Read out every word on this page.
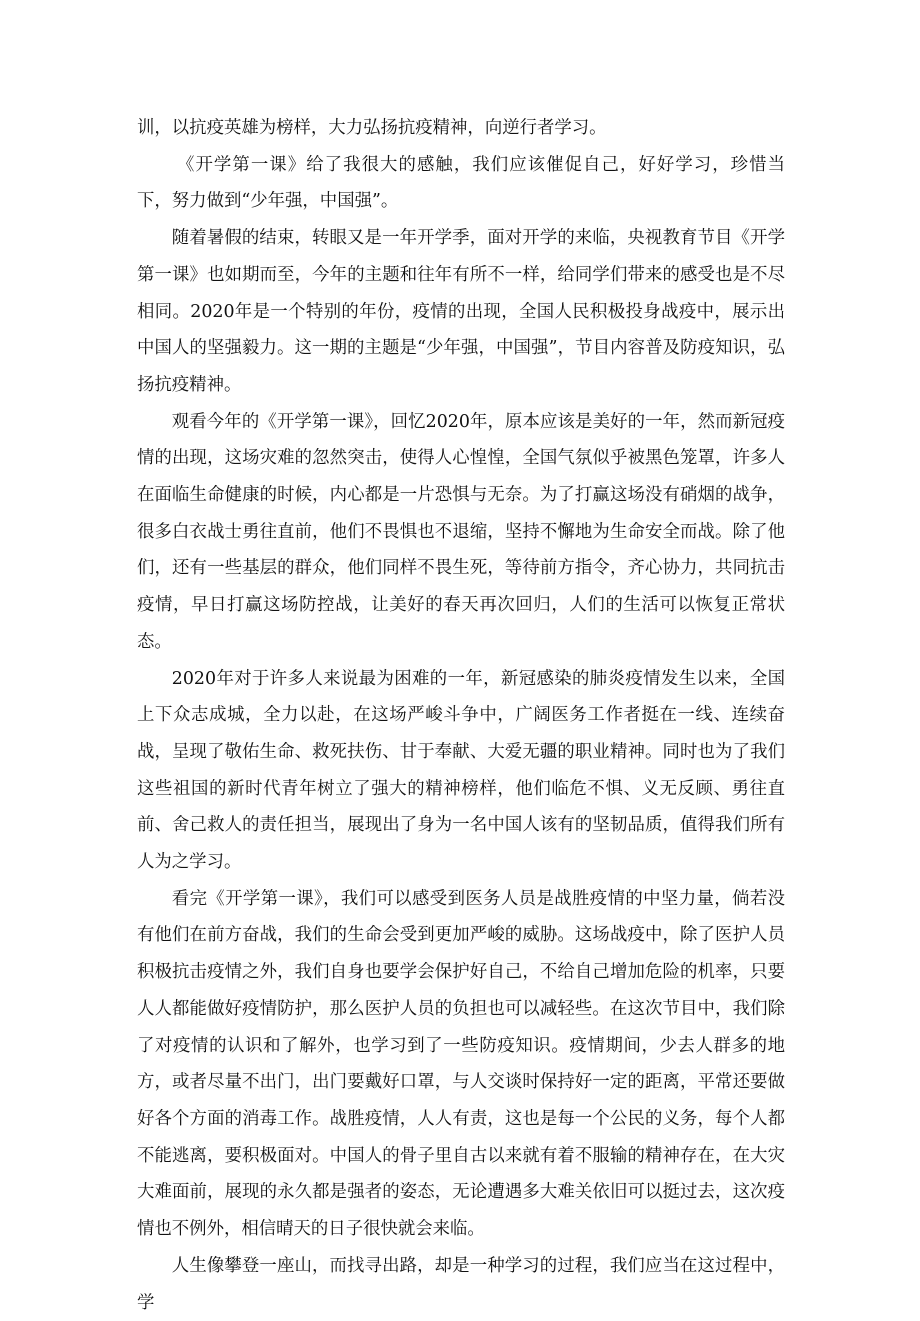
训，以抗疫英雄为榜样，大力弘扬抗疫精神，向逆行者学习。

《开学第一课》给了我很大的感触，我们应该催促自己，好好学习，珍惜当下，努力做到“少年强，中国强”。

随着暑假的结束，转眼又是一年开学季，面对开学的来临，央视教育节目《开学第一课》也如期而至，今年的主题和往年有所不一样，给同学们带来的感受也是不尽相同。2020年是一个特别的年份，疫情的出现，全国人民积极投身战疫中，展示出中国人的坚强毅力。这一期的主题是“少年强，中国强”，节目内容普及防疫知识，弘扬抗疫精神。

观看今年的《开学第一课》，回忆2020年，原本应该是美好的一年，然而新冠疫情的出现，这场灾难的忽然突击，使得人心惶惶，全国气氛似乎被黑色笼罩，许多人在面临生命健康的时候，内心都是一片恐惧与无奈。为了打赢这场没有硝烟的战争，很多白衣战士勇往直前，他们不畏惧也不退缩，坚持不懈地为生命安全而战。除了他们，还有一些基层的群众，他们同样不畏生死，等待前方指令，齐心协力，共同抗击疫情，早日打赢这场防控战，让美好的春天再次回归，人们的生活可以恢复正常状态。

2020年对于许多人来说最为困难的一年，新冠感染的肺炎疫情发生以来，全国上下众志成城，全力以赴，在这场严峻斗争中，广阔医务工作者挺在一线、连续奋战，呈现了敬佑生命、救死扶伤、甘于奉献、大爱无疆的职业精神。同时也为了我们这些祖国的新时代青年树立了强大的精神榜样，他们临危不惧、义无反顾、勇往直前、舍己救人的责任担当，展现出了身为一名中国人该有的坚韧品质，值得我们所有人为之学习。

看完《开学第一课》，我们可以感受到医务人员是战胜疫情的中坚力量，倘若没有他们在前方奋战，我们的生命会受到更加严峻的威胁。这场战疫中，除了医护人员积极抗击疫情之外，我们自身也要学会保护好自己，不给自己增加危险的机率，只要人人都能做好疫情防护，那么医护人员的负担也可以减轻些。在这次节目中，我们除了对疫情的认识和了解外，也学习到了一些防疫知识。疫情期间，少去人群多的地方，或者尽量不出门，出门要戴好口罩，与人交谈时保持好一定的距离，平常还要做好各个方面的消毒工作。战胜疫情，人人有责，这也是每一个公民的义务，每个人都不能逃离，要积极面对。中国人的骨子里自古以来就有着不服输的精神存在，在大灾大难面前，展现的永久都是强者的姿态，无论遭遇多大难关依旧可以挺过去，这次疫情也不例外，相信晴天的日子很快就会来临。

人生像攀登一座山，而找寻出路，却是一种学习的过程，我们应当在这过程中，学
